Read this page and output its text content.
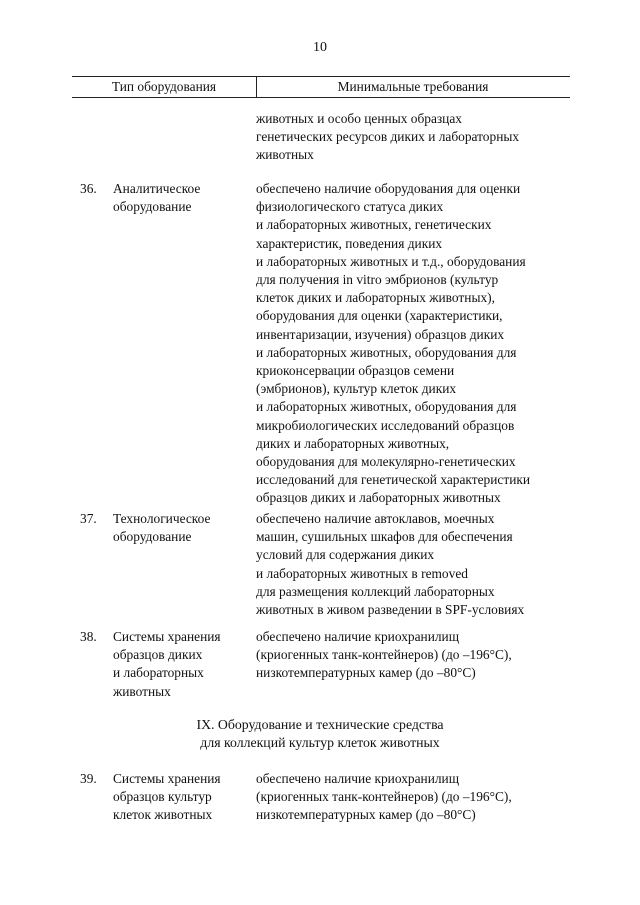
10
Тип оборудования	Минимальные требования
животных и особо ценных образцах
генетических ресурсов диких и лабораторных
животных
36. Аналитическое
оборудование
обеспечено наличие оборудования для оценки
физиологического статуса диких
и лабораторных животных, генетических
характеристик, поведения диких
и лабораторных животных и т.д., оборудования
для получения in vitro эмбрионов (культур
клеток диких и лабораторных животных),
оборудования для оценки (характеристики,
инвентаризации, изучения) образцов диких
и лабораторных животных, оборудования для
криоконсервации образцов семени
(эмбрионов), культур клеток диких
и лабораторных животных, оборудования для
микробиологических исследований образцов
диких и лабораторных животных,
оборудования для молекулярно-генетических
исследований для генетической характеристики
образцов диких и лабораторных животных
37. Технологическое
оборудование
обеспечено наличие автоклавов, моечных
машин, сушильных шкафов для обеспечения
условий для содержания диких
и лабораторных животных в removed
для размещения коллекций лабораторных
животных в живом разведении в SPF-условиях
38. Системы хранения
образцов диких
и лабораторных
животных
обеспечено наличие криохранилищ
(криогенных танк-контейнеров) (до –196°С),
низкотемпературных камер (до –80°С)
IX. Оборудование и технические средства
для коллекций культур клеток животных
39. Системы хранения
образцов культур
клеток животных
обеспечено наличие криохранилищ
(криогенных танк-контейнеров) (до –196°С),
низкотемпературных камер (до –80°С)
